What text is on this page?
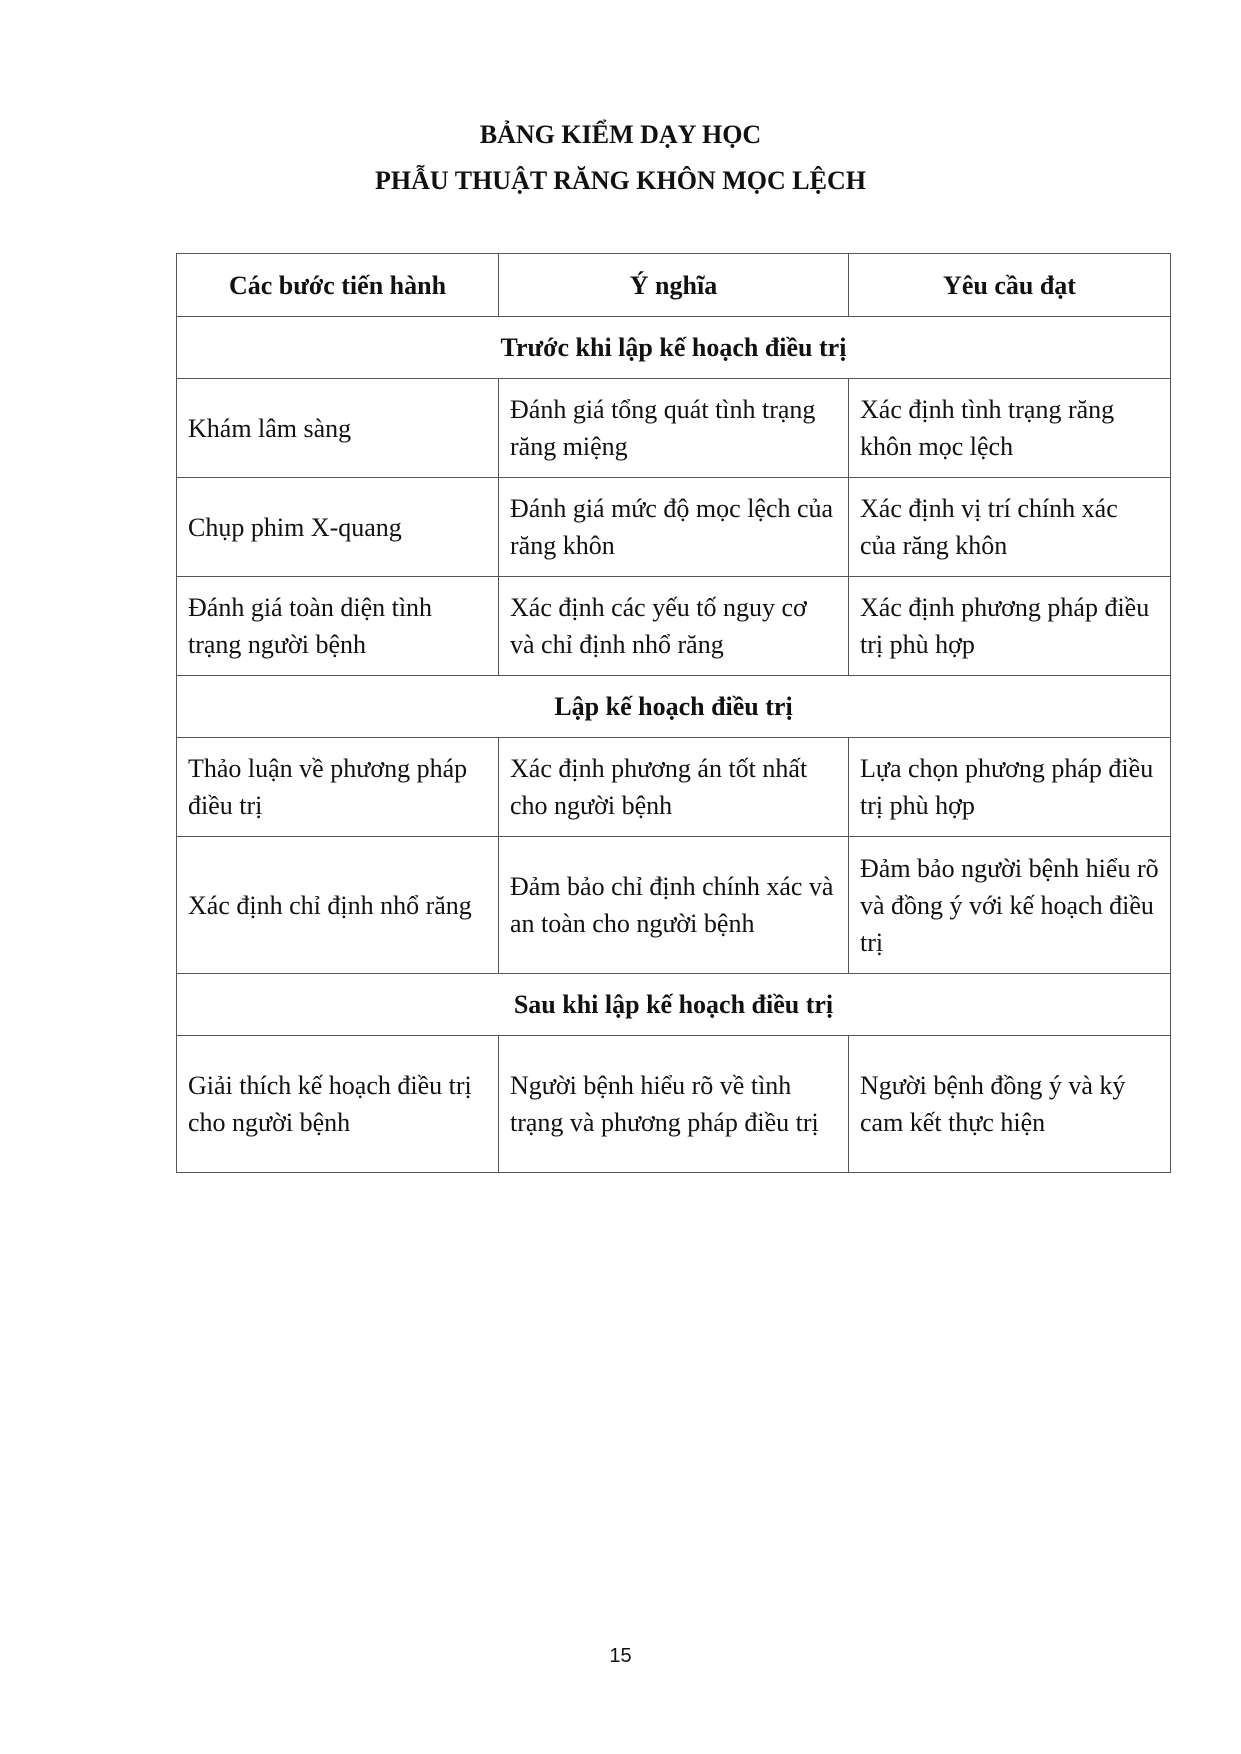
BẢNG KIỂM DẠY HỌC
PHẪU THUẬT RĂNG KHÔN MỌC LỆCH
Các bước tiến hành	Ý nghĩa	Yêu cầu đạt
Trước khi lập kế hoạch điều trị		
Khám lâm sàng	Đánh giá tổng quát tình trạng răng miệng	Xác định tình trạng răng khôn mọc lệch
Chụp phim X-quang	Đánh giá mức độ mọc lệch của răng khôn	Xác định vị trí chính xác của răng khôn
Đánh giá toàn diện tình trạng người bệnh	Xác định các yếu tố nguy cơ và chỉ định nhổ răng	Xác định phương pháp điều trị phù hợp
Lập kế hoạch điều trị		
Thảo luận về phương pháp điều trị	Xác định phương án tốt nhất cho người bệnh	Lựa chọn phương pháp điều trị phù hợp
Xác định chỉ định nhổ răng	Đảm bảo chỉ định chính xác và an toàn cho người bệnh	Đảm bảo người bệnh hiểu rõ và đồng ý với kế hoạch điều trị
Sau khi lập kế hoạch điều trị		
Giải thích kế hoạch điều trị cho người bệnh	Người bệnh hiểu rõ về tình trạng và phương pháp điều trị	Người bệnh đồng ý và ký cam kết thực hiện
15
